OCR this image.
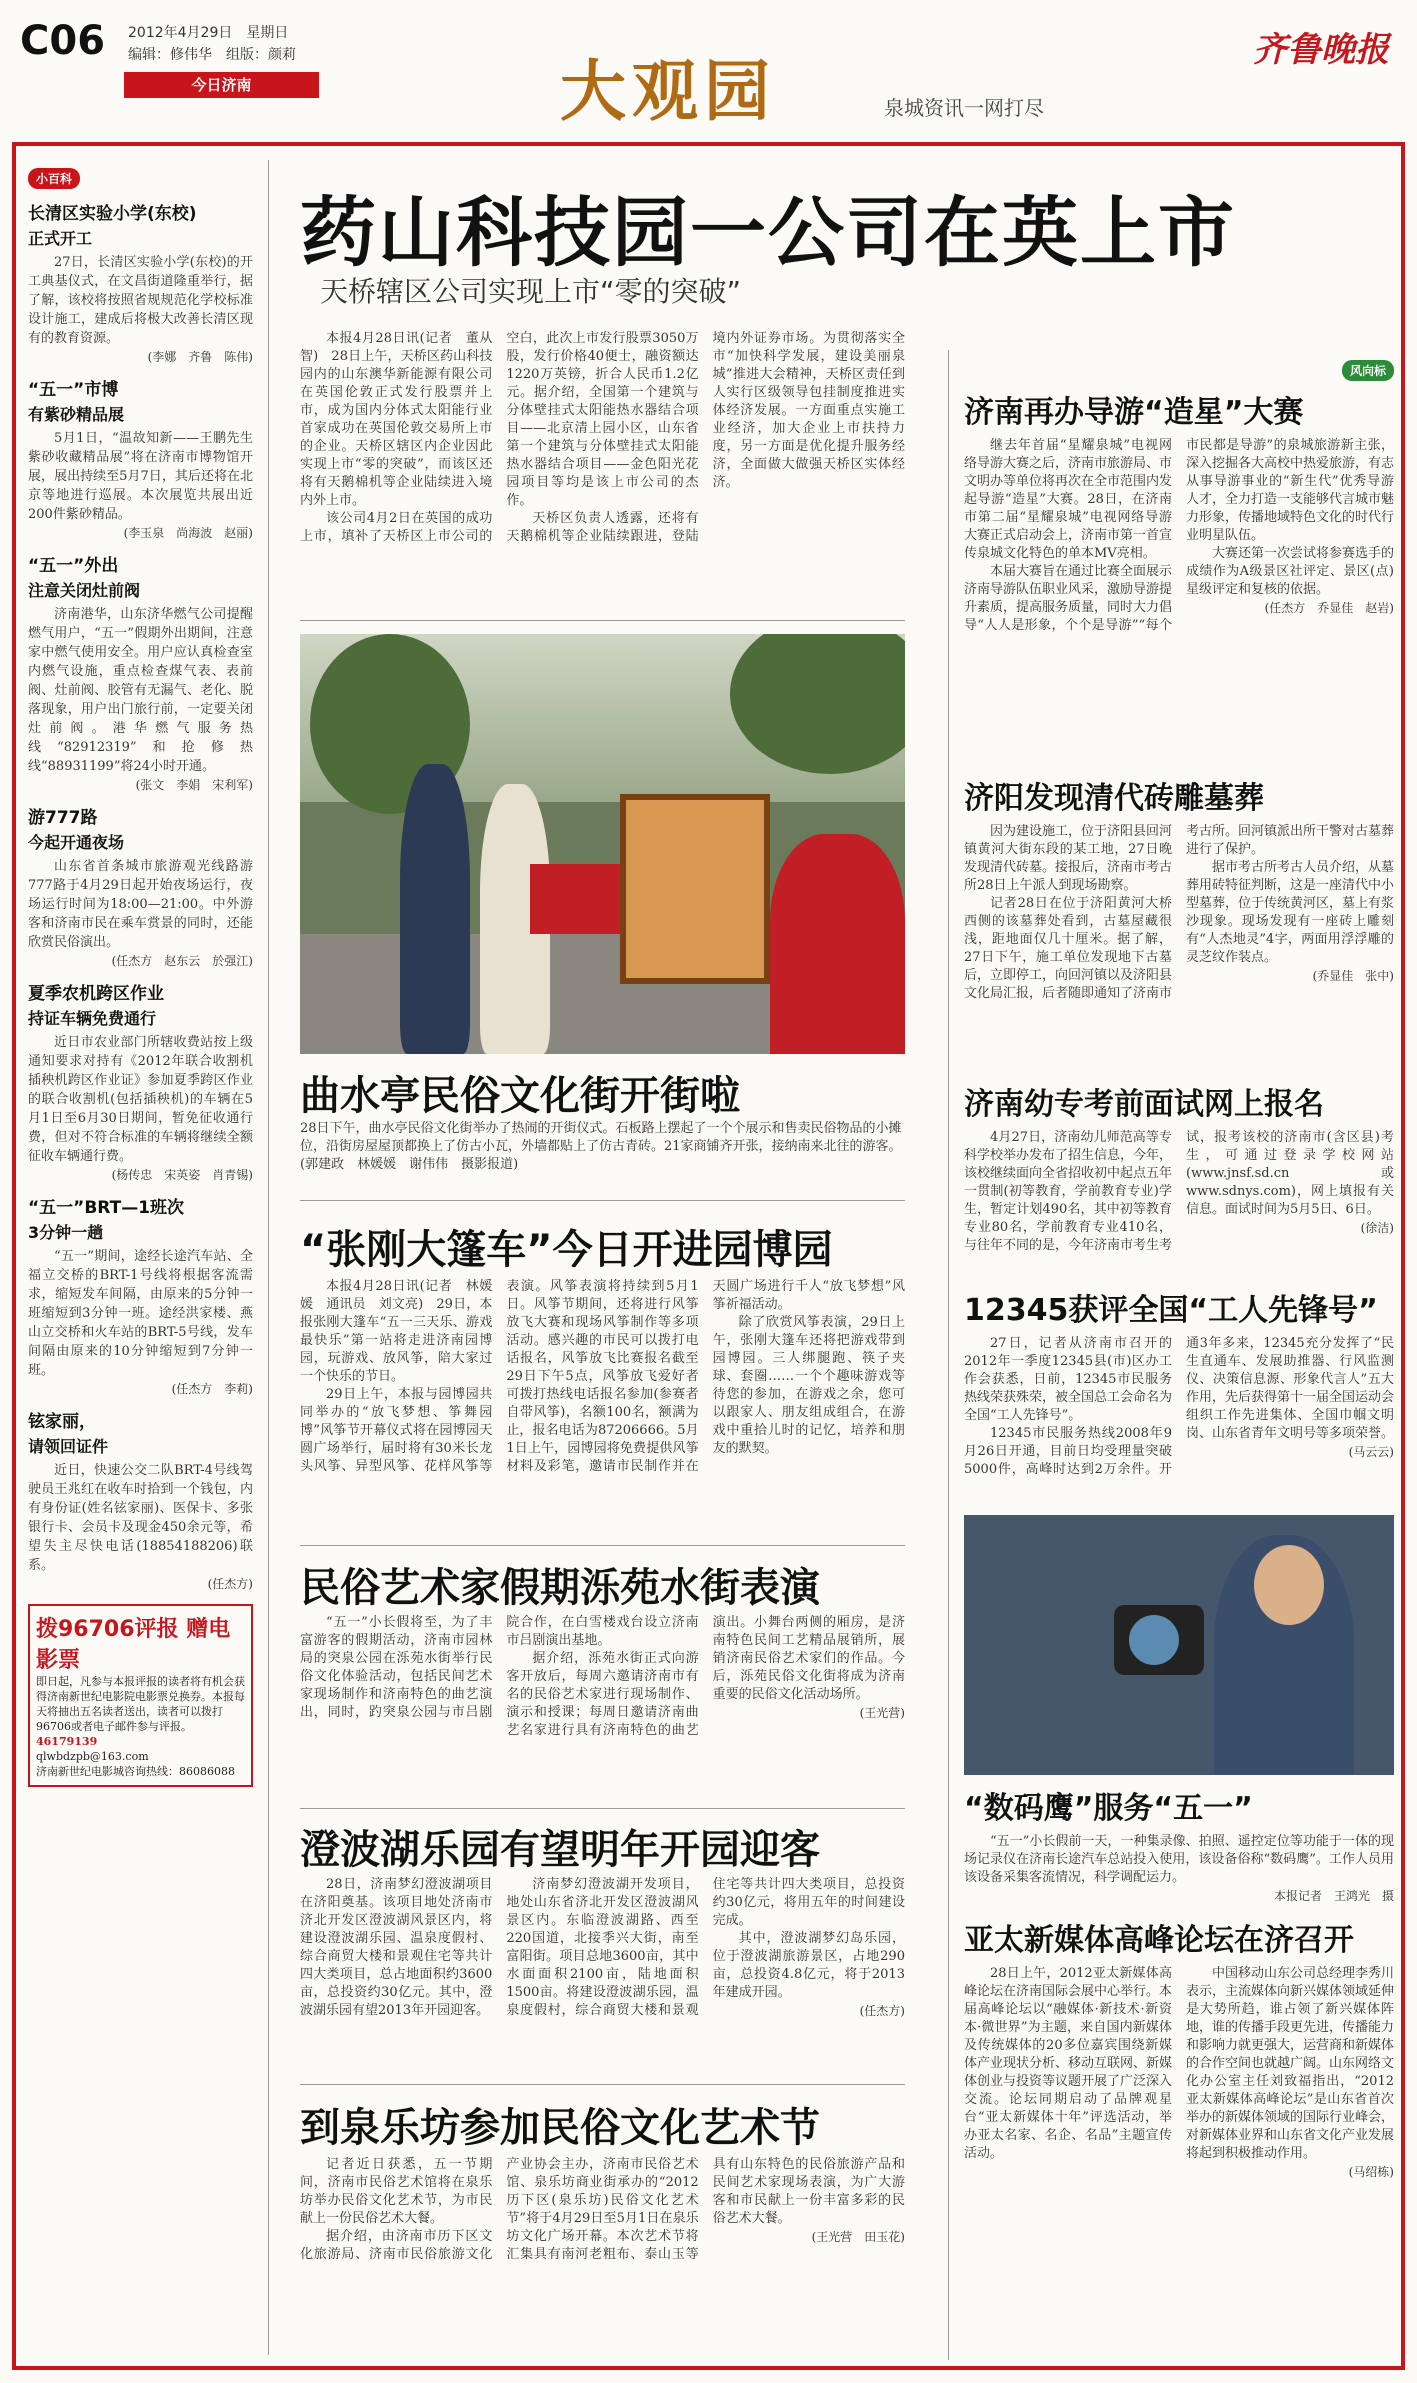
C06 2012年4月29日　星期日
编辑：修伟华　组版：颜莉
今日济南	大观园	泉城资讯一网打尽
齐鲁晚报
小百科
长清区实验小学(东校)
正式开工
27日，长清区实验小学(东校)的开工典基仪式，在文昌街道隆重举行，据了解，该校将按照省规规范化学校标准设计施工，建成后将极大改善长清区现有的教育资源。
(李娜　齐鲁　陈伟)
“五一”市博
有紫砂精品展
5月1日，“温故知新——王鹏先生紫砂收藏精品展”将在济南市博物馆开展，展出持续至5月7日，其后还将在北京等地进行巡展。本次展览共展出近200件紫砂精品。
(李玉泉　尚海波　赵丽)
“五一”外出
注意关闭灶前阀
济南港华，山东济华燃气公司提醒燃气用户，“五一”假期外出期间，注意家中燃气使用安全。用户应认真检查室内燃气设施，重点检查煤气表、表前阀、灶前阀、胶管有无漏气、老化、脱落现象，用户出门旅行前，一定要关闭灶前阀。港华燃气服务热线“82912319”和抢修热线“88931199”将24小时开通。
(张文　李娟　宋利军)
游777路
今起开通夜场
山东省首条城市旅游观光线路游777路于4月29日起开始夜场运行，夜场运行时间为18:00—21:00。中外游客和济南市民在乘车赏景的同时，还能欣赏民俗演出。
(任杰方　赵东云　於强江)
夏季农机跨区作业
持证车辆免费通行
近日市农业部门所辖收费站按上级通知要求对持有《2012年联合收割机插秧机跨区作业证》参加夏季跨区作业的联合收割机(包括插秧机)的车辆在5月1日至6月30日期间，暂免征收通行费，但对不符合标准的车辆将继续全额征收车辆通行费。
(杨传忠　宋英姿　肖青锡)
“五一”BRT—1班次
3分钟一趟
“五一”期间，途经长途汽车站、全福立交桥的BRT-1号线将根据客流需求，缩短发车间隔，由原来的5分钟一班缩短到3分钟一班。途经洪家楼、燕山立交桥和火车站的BRT-5号线，发车间隔由原来的10分钟缩短到7分钟一班。
(任杰方　李莉)
铉家丽，
请领回证件
近日，快速公交二队BRT-4号线驾驶员王兆红在收车时拾到一个钱包，内有身份证(姓名铉家丽)、医保卡、多张银行卡、会员卡及现金450余元等，希望失主尽快电话(18854188206)联系。
(任杰方)
拨96706评报 赠电影票
即日起，凡参与本报评报的读者将有机会获得济南新世纪电影院电影票兑换券。本报每天将抽出五名读者送出，读者可以拨打96706或者电子邮件参与评报。
46179139
qlwbdzpb@163.com
济南新世纪电影城咨询热线：86086088
药山科技园一公司在英上市
天桥辖区公司实现上市“零的突破”

本报4月28日讯(记者　董从智)　28日上午，天桥区药山科技园内的山东澳华新能源有限公司在英国伦敦正式发行股票并上市，成为国内分体式太阳能行业首家成功在英国伦敦交易所上市的企业。天桥区辖区内企业因此实现上市“零的突破”，而该区还将有天鹅棉机等企业陆续进入境内外上市。

该公司4月2日在英国的成功上市，填补了天桥区上市公司的空白，此次上市发行股票3050万股，发行价格40便士，融资额达1220万英镑，折合人民币1.2亿元。据介绍，全国第一个建筑与分体壁挂式太阳能热水器结合项目——北京清上园小区，山东省第一个建筑与分体壁挂式太阳能热水器结合项目——金色阳光花园项目等均是该上市公司的杰作。

天桥区负责人透露，还将有天鹅棉机等企业陆续跟进，登陆境内外证券市场。为贯彻落实全市“加快科学发展，建设美丽泉城”推进大会精神，天桥区责任到人实行区级领导包挂制度推进实体经济发展。一方面重点实施工业经济，加大企业上市扶持力度，另一方面是优化提升服务经济，全面做大做强天桥区实体经济。

曲水亭民俗文化街开街啦
28日下午，曲水亭民俗文化街举办了热闹的开街仪式。石板路上摆起了一个个展示和售卖民俗物品的小摊位，沿街房屋屋顶都换上了仿古小瓦，外墙都贴上了仿古青砖。21家商铺齐开张，接纳南来北往的游客。(郭建政　林媛媛　谢伟伟　摄影报道)
“张刚大篷车”今日开进园博园

本报4月28日讯(记者　林媛媛　通讯员　刘文亮)　29日，本报张刚大篷车“五一三天乐、游戏最快乐”第一站将走进济南园博园，玩游戏、放风筝，陪大家过一个快乐的节日。

29日上午，本报与园博园共同举办的“放飞梦想、筝舞园博”风筝节开幕仪式将在园博园天圆广场举行，届时将有30米长龙头风筝、异型风筝、花样风筝等表演。风筝表演将持续到5月1日。风筝节期间，还将进行风筝放飞大赛和现场风筝制作等多项活动。感兴趣的市民可以拨打电话报名，风筝放飞比赛报名截至29日下午5点，风筝放飞爱好者可拨打热线电话报名参加(参赛者自带风筝)，名额100名，额满为止，报名电话为87206666。5月1日上午，园博园将免费提供风筝材料及彩笔，邀请市民制作并在天圆广场进行千人“放飞梦想”风筝祈福活动。

除了欣赏风筝表演，29日上午，张刚大篷车还将把游戏带到园博园。三人绑腿跑、筷子夹球、套圈……一个个趣味游戏等待您的参加，在游戏之余，您可以跟家人、朋友组成组合，在游戏中重拾儿时的记忆，培养和朋友的默契。

民俗艺术家假期泺苑水街表演

“五一”小长假将至，为了丰富游客的假期活动，济南市园林局的突泉公园在泺苑水街举行民俗文化体验活动，包括民间艺术家现场制作和济南特色的曲艺演出，同时，趵突泉公园与市吕剧院合作，在白雪楼戏台设立济南市吕剧演出基地。

据介绍，泺苑水街正式向游客开放后，每周六邀请济南市有名的民俗艺术家进行现场制作、演示和授课；每周日邀请济南曲艺名家进行具有济南特色的曲艺演出。小舞台两侧的厢房，是济南特色民间工艺精品展销所，展销济南民俗艺术家们的作品。今后，泺苑民俗文化街将成为济南重要的民俗文化活动场所。

(王光营)

澄波湖乐园有望明年开园迎客

28日，济南梦幻澄波湖项目在济阳奠基。该项目地处济南市济北开发区澄波湖风景区内，将建设澄波湖乐园、温泉度假村、综合商贸大楼和景观住宅等共计四大类项目，总占地面积约3600亩，总投资约30亿元。其中，澄波湖乐园有望2013年开园迎客。

济南梦幻澄波湖开发项目，地处山东省济北开发区澄波湖风景区内。东临澄波湖路、西至220国道，北接季兴大街，南至富阳街。项目总地3600亩，其中水面面积2100亩，陆地面积1500亩。将建设澄波湖乐园，温泉度假村，综合商贸大楼和景观住宅等共计四大类项目，总投资约30亿元，将用五年的时间建设完成。

其中，澄波湖梦幻岛乐园，位于澄波湖旅游景区，占地290亩，总投资4.8亿元，将于2013年建成开园。

(任杰方)

到泉乐坊参加民俗文化艺术节

记者近日获悉，五一节期间，济南市民俗艺术馆将在泉乐坊举办民俗文化艺术节，为市民献上一份民俗艺术大餐。

据介绍，由济南市历下区文化旅游局、济南市民俗旅游文化产业协会主办，济南市民俗艺术馆、泉乐坊商业街承办的“2012历下区(泉乐坊)民俗文化艺术节”将于4月29日至5月1日在泉乐坊文化广场开幕。本次艺术节将汇集具有南河老粗布、泰山玉等具有山东特色的民俗旅游产品和民间艺术家现场表演，为广大游客和市民献上一份丰富多彩的民俗艺术大餐。

(王光营　田玉花)

风向标
济南再办导游“造星”大赛

继去年首届“星耀泉城”电视网络导游大赛之后，济南市旅游局、市文明办等单位将再次在全市范围内发起导游“造星”大赛。28日，在济南市第二届“星耀泉城”电视网络导游大赛正式启动会上，济南市第一首宣传泉城文化特色的单本MV亮相。

本届大赛旨在通过比赛全面展示济南导游队伍职业风采，激励导游提升素质，提高服务质量，同时大力倡导“人人是形象，个个是导游”“每个市民都是导游”的泉城旅游新主张，深入挖掘各大高校中热爱旅游，有志从事导游事业的“新生代”优秀导游人才，全力打造一支能够代言城市魅力形象，传播地域特色文化的时代行业明星队伍。

大赛还第一次尝试将参赛选手的成绩作为A级景区社评定、景区(点)星级评定和复核的依据。

(任杰方　乔显佳　赵岩)

济阳发现清代砖雕墓葬

因为建设施工，位于济阳县回河镇黄河大街东段的某工地，27日晚发现清代砖墓。接报后，济南市考古所28日上午派人到现场勘察。

记者28日在位于济阳黄河大桥西侧的该墓葬处看到，古墓屋藏很浅，距地面仅几十厘米。据了解，27日下午，施工单位发现地下古墓后，立即停工，向回河镇以及济阳县文化局汇报，后者随即通知了济南市考古所。回河镇派出所干警对古墓葬进行了保护。

据市考古所考古人员介绍，从墓葬用砖特征判断，这是一座清代中小型墓葬，位于传统黄河区，墓上有浆沙现象。现场发现有一座砖上雕刻有“人杰地灵”4字，两面用浮浮雕的灵芝纹作装点。

(乔显佳　张中)

济南幼专考前面试网上报名

4月27日，济南幼儿师范高等专科学校举办发布了招生信息，今年，该校继续面向全省招收初中起点五年一贯制(初等教育，学前教育专业)学生，暂定计划490名，其中初等教育专业80名，学前教育专业410名，与往年不同的是，今年济南市考生考试，报考该校的济南市(含区县)考生，可通过登录学校网站(www.jnsf.sd.cn或www.sdnys.com)，网上填报有关信息。面试时间为5月5日、6日。

(徐洁)

12345获评全国“工人先锋号”

27日，记者从济南市召开的2012年一季度12345县(市)区办工作会获悉，日前，12345市民服务热线荣获殊荣，被全国总工会命名为全国“工人先锋号”。

12345市民服务热线2008年9月26日开通，目前日均受理量突破5000件，高峰时达到2万余件。开通3年多来，12345充分发挥了“民生直通车、发展助推器、行风监测仪、决策信息源、形象代言人”五大作用，先后获得第十一届全国运动会组织工作先进集体、全国巾帼文明岗、山东省青年文明号等多项荣誉。

(马云云)

“数码鹰”服务“五一”

“五一”小长假前一天，一种集录像、拍照、遥控定位等功能于一体的现场记录仪在济南长途汽车总站投入使用，该设备俗称“数码鹰”。工作人员用该设备采集客流情况，科学调配运力。

本报记者　王鸿光　摄

亚太新媒体高峰论坛在济召开

28日上午，2012亚太新媒体高峰论坛在济南国际会展中心举行。本届高峰论坛以“融媒体·新技术·新资本·微世界”为主题，来自国内新媒体及传统媒体的20多位嘉宾围绕新媒体产业现状分析、移动互联网、新媒体创业与投资等议题开展了广泛深入交流。论坛同期启动了品牌观星台“亚太新媒体十年”评选活动，举办亚太名家、名企、名品”主题宣传活动。

中国移动山东公司总经理李秀川表示，主流媒体向新兴媒体领域延伸是大势所趋，谁占领了新兴媒体阵地，谁的传播手段更先进，传播能力和影响力就更强大，运营商和新媒体的合作空间也就越广阔。山东网络文化办公室主任刘致福指出，“2012亚太新媒体高峰论坛”是山东省首次举办的新媒体领域的国际行业峰会，对新媒体业界和山东省文化产业发展将起到积极推动作用。

(马绍栋)
